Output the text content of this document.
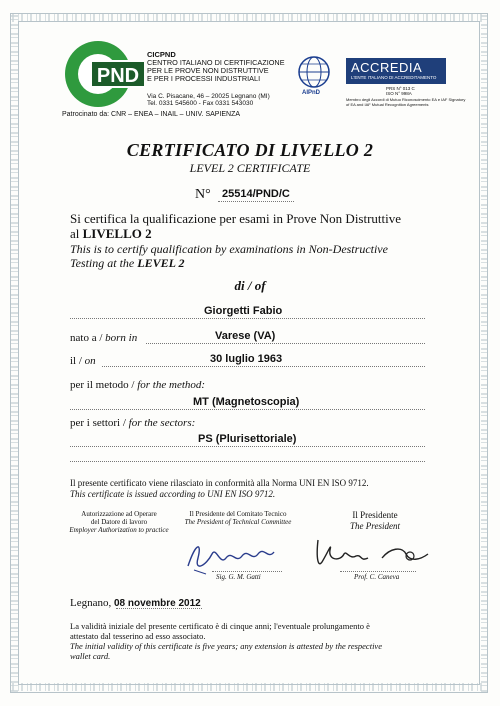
PND
CICPND
CENTRO ITALIANO DI CERTIFICAZIONE
PER LE PROVE NON DISTRUTTIVE
E PER I PROCESSI INDUSTRIALI
Via C. Pisacane, 46 – 20025 Legnano (MI)
Tel. 0331 545600 - Fax 0331 543030
AIPnD
ACCREDIA
L'ENTE ITALIANO DI ACCREDITAMENTO
PRS N° 013 C
ISO N° 998A
Membro degli Accordi di Mutuo Riconoscimento EA e IAF Signatory of EA and IAF Mutual Recognition Agreements
Patrocinato da: CNR – ENEA – INAIL – UNIV. SAPIENZA
CERTIFICATO DI LIVELLO 2
LEVEL 2 CERTIFICATE
N° 25514/PND/C
Si certifica la qualificazione per esami in Prove Non Distruttive
al LIVELLO 2
This is to certify qualification by examinations in Non-Destructive
Testing at the LEVEL 2
di / of
Giorgetti Fabio
nato a / born in	Varese (VA)
il / on	30 luglio 1963
per il metodo / for the method:
MT (Magnetoscopia)
per i settori / for the sectors:
PS (Plurisettoriale)
Il presente certificato viene rilasciato in conformità alla Norma UNI EN ISO 9712.
This certificate is issued according to UNI EN ISO 9712.
Autorizzazione ad Operare
del Datore di lavoro
Employer Authorization to practice
Il Presidente del Comitato Tecnico
The President of Technical Committee
Sig. G. M. Gatti
Il Presidente
The President
Prof. C. Caneva
Legnano, 08 novembre 2012
La validità iniziale del presente certificato è di cinque anni; l'eventuale prolungamento è
attestato dal tesserino ad esso associato.
The initial validity of this certificate is five years; any extension is attested by the respective
wallet card.
